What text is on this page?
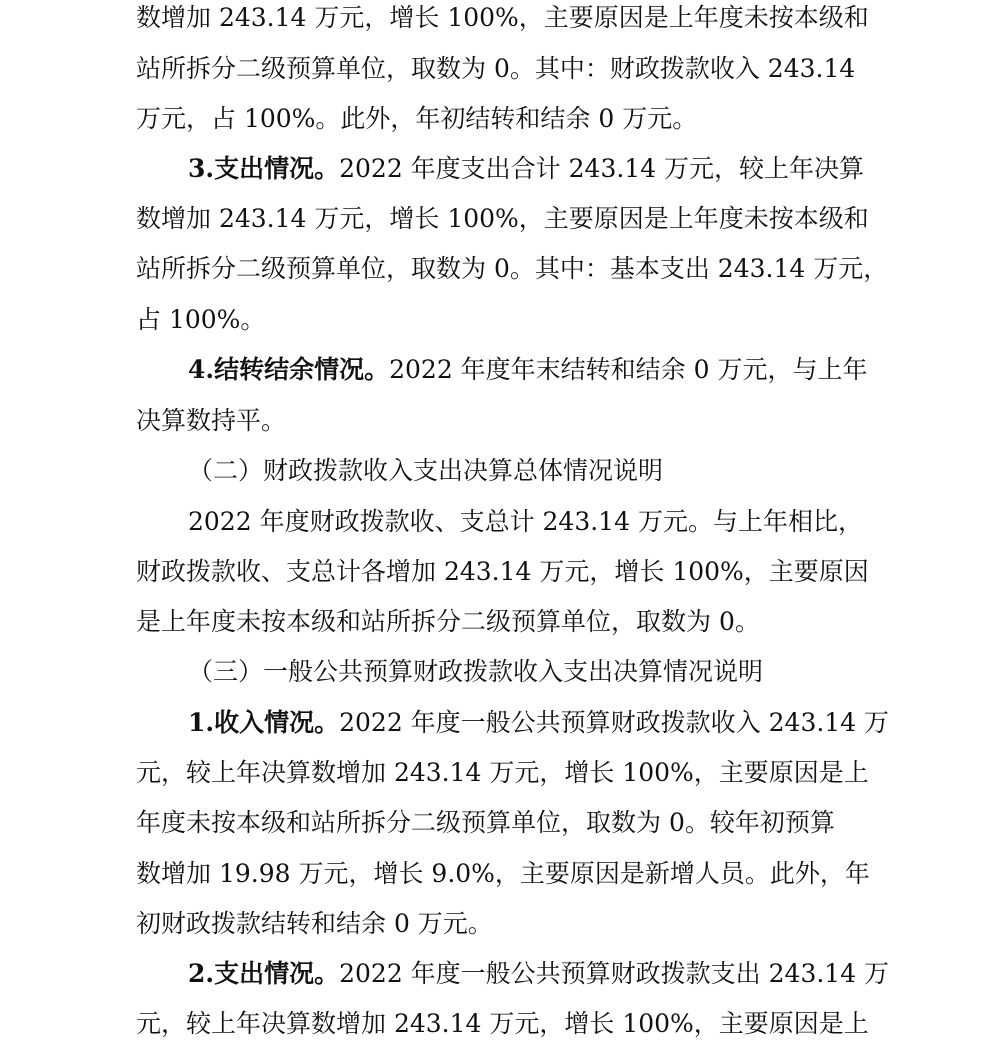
数增加 243.14 万元，增长 100%，主要原因是上年度未按本级和
站所拆分二级预算单位，取数为 0。其中：财政拨款收入 243.14
万元，占 100%。此外，年初结转和结余 0 万元。
3.支出情况。2022 年度支出合计 243.14 万元，较上年决算
数增加 243.14 万元，增长 100%，主要原因是上年度未按本级和
站所拆分二级预算单位，取数为 0。其中：基本支出 243.14 万元，
占 100%。
4.结转结余情况。2022 年度年末结转和结余 0 万元，与上年
决算数持平。
（二）财政拨款收入支出决算总体情况说明
2022 年度财政拨款收、支总计 243.14 万元。与上年相比，
财政拨款收、支总计各增加 243.14 万元，增长 100%，主要原因
是上年度未按本级和站所拆分二级预算单位，取数为 0。
（三）一般公共预算财政拨款收入支出决算情况说明
1.收入情况。2022 年度一般公共预算财政拨款收入 243.14 万
元，较上年决算数增加 243.14 万元，增长 100%，主要原因是上
年度未按本级和站所拆分二级预算单位，取数为 0。较年初预算
数增加 19.98 万元，增长 9.0%，主要原因是新增人员。此外，年
初财政拨款结转和结余 0 万元。
2.支出情况。2022 年度一般公共预算财政拨款支出 243.14 万
元，较上年决算数增加 243.14 万元，增长 100%，主要原因是上
